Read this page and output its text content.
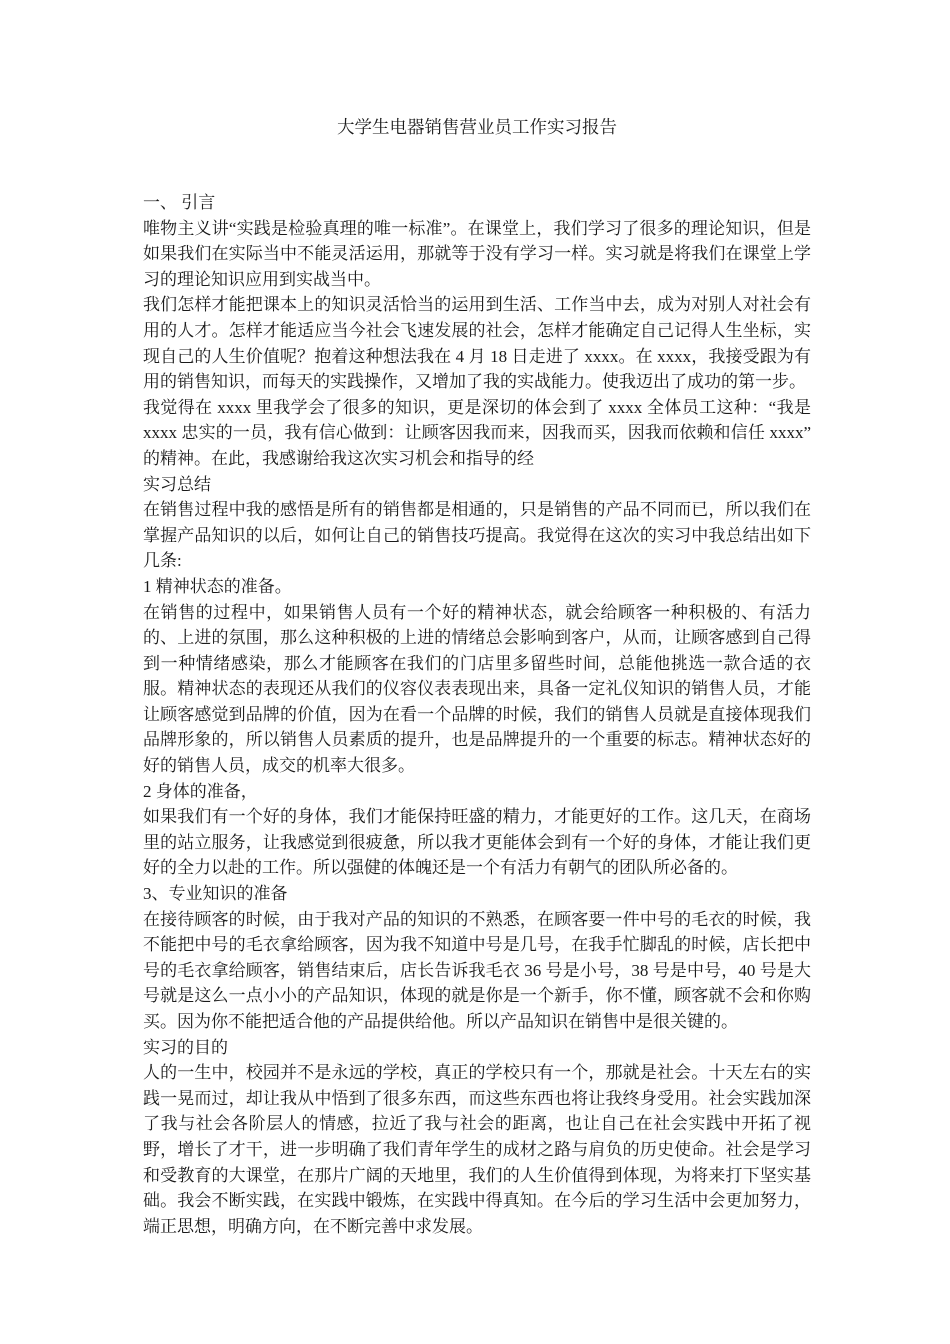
大学生电器销售营业员工作实习报告

一、 引言

唯物主义讲“实践是检验真理的唯一标准”。在课堂上，我们学习了很多的理论知识，但是如果我们在实际当中不能灵活运用，那就等于没有学习一样。实习就是将我们在课堂上学习的理论知识应用到实战当中。

我们怎样才能把课本上的知识灵活恰当的运用到生活、工作当中去，成为对别人对社会有用的人才。怎样才能适应当今社会飞速发展的社会，怎样才能确定自己记得人生坐标，实现自己的人生价值呢？抱着这种想法我在 4 月 18 日走进了 xxxx。在 xxxx，我接受跟为有用的销售知识，而每天的实践操作，又增加了我的实战能力。使我迈出了成功的第一步。

我觉得在 xxxx 里我学会了很多的知识，更是深切的体会到了 xxxx 全体员工这种：“我是 xxxx 忠实的一员，我有信心做到：让顾客因我而来，因我而买，因我而依赖和信任 xxxx” 的精神。在此，我感谢给我这次实习机会和指导的经

实习总结

在销售过程中我的感悟是所有的销售都是相通的，只是销售的产品不同而已，所以我们在掌握产品知识的以后，如何让自己的销售技巧提高。我觉得在这次的实习中我总结出如下几条:

1 精神状态的准备。

在销售的过程中，如果销售人员有一个好的精神状态，就会给顾客一种积极的、有活力的、上进的氛围，那么这种积极的上进的情绪总会影响到客户，从而，让顾客感到自己得到一种情绪感染，那么才能顾客在我们的门店里多留些时间，总能他挑选一款合适的衣服。精神状态的表现还从我们的仪容仪表表现出来，具备一定礼仪知识的销售人员，才能让顾客感觉到品牌的价值，因为在看一个品牌的时候，我们的销售人员就是直接体现我们品牌形象的，所以销售人员素质的提升，也是品牌提升的一个重要的标志。精神状态好的好的销售人员，成交的机率大很多。

2 身体的准备，

如果我们有一个好的身体，我们才能保持旺盛的精力，才能更好的工作。这几天，在商场里的站立服务，让我感觉到很疲惫，所以我才更能体会到有一个好的身体，才能让我们更好的全力以赴的工作。所以强健的体魄还是一个有活力有朝气的团队所必备的。

3、专业知识的准备

在接待顾客的时候，由于我对产品的知识的不熟悉，在顾客要一件中号的毛衣的时候，我不能把中号的毛衣拿给顾客，因为我不知道中号是几号，在我手忙脚乱的时候，店长把中号的毛衣拿给顾客，销售结束后，店长告诉我毛衣 36 号是小号，38 号是中号，40 号是大号就是这么一点小小的产品知识，体现的就是你是一个新手，你不懂，顾客就不会和你购买。因为你不能把适合他的产品提供给他。所以产品知识在销售中是很关键的。

实习的目的

人的一生中，校园并不是永远的学校，真正的学校只有一个，那就是社会。十天左右的实践一晃而过，却让我从中悟到了很多东西，而这些东西也将让我终身受用。社会实践加深了我与社会各阶层人的情感，拉近了我与社会的距离，也让自己在社会实践中开拓了视野，增长了才干，进一步明确了我们青年学生的成材之路与肩负的历史使命。社会是学习和受教育的大课堂，在那片广阔的天地里，我们的人生价值得到体现，为将来打下坚实基础。我会不断实践，在实践中锻炼，在实践中得真知。在今后的学习生活中会更加努力，端正思想，明确方向，在不断完善中求发展。
